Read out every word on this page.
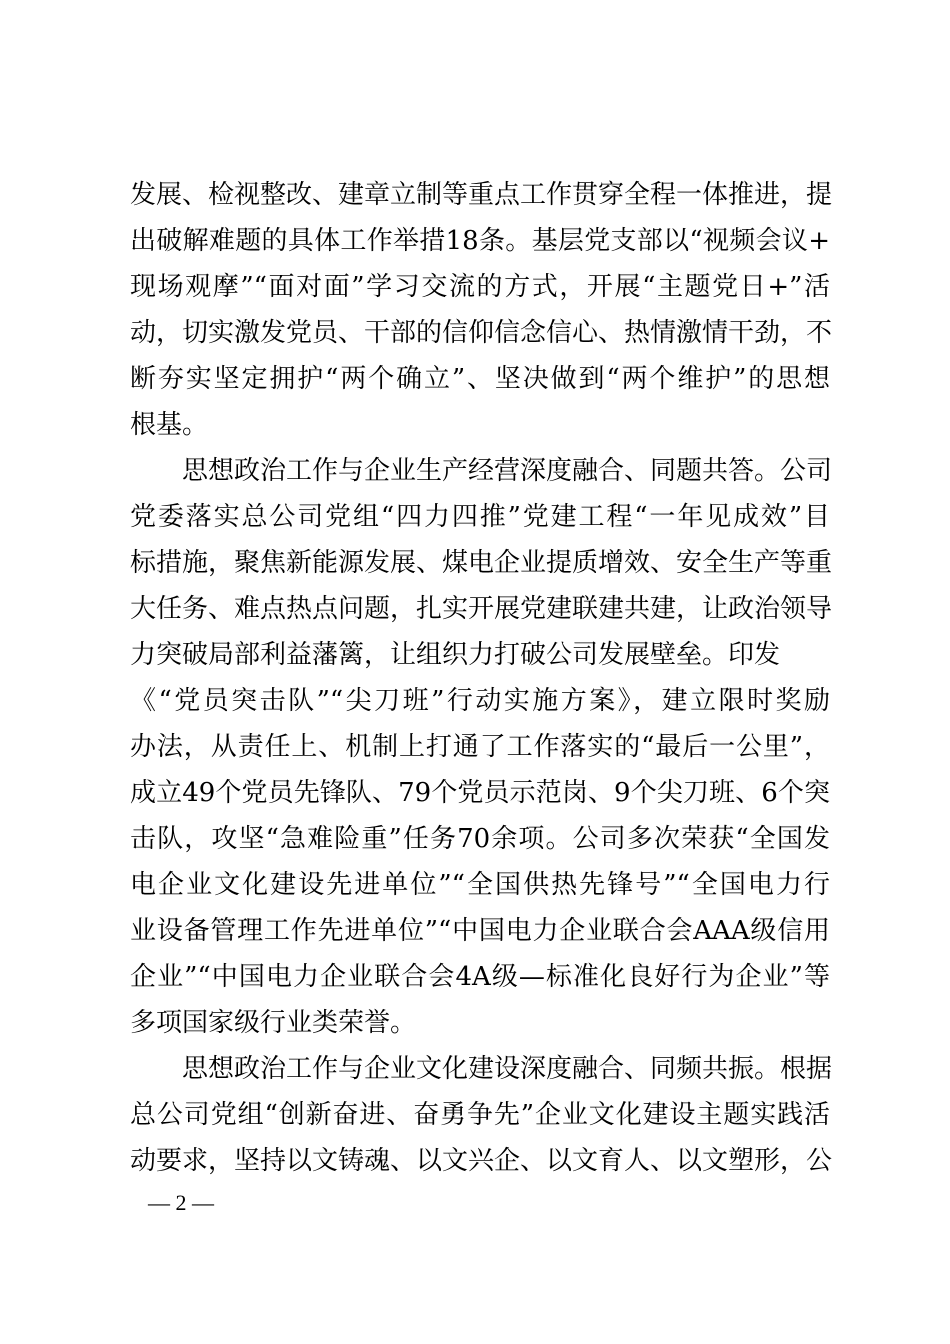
发展、检视整改、建章立制等重点工作贯穿全程一体推进，提
出破解难题的具体工作举措18条。基层党支部以“视频会议+
现场观摩”“面对面”学习交流的方式，开展“主题党日+”活
动，切实激发党员、干部的信仰信念信心、热情激情干劲，不
断夯实坚定拥护“两个确立”、坚决做到“两个维护”的思想
根基。
思想政治工作与企业生产经营深度融合、同题共答。公司
党委落实总公司党组“四力四推”党建工程“一年见成效”目
标措施，聚焦新能源发展、煤电企业提质增效、安全生产等重
大任务、难点热点问题，扎实开展党建联建共建，让政治领导
力突破局部利益藩篱，让组织力打破公司发展壁垒。印发
《“党员突击队”“尖刀班”行动实施方案》，建立限时奖励
办法，从责任上、机制上打通了工作落实的“最后一公里”，
成立49个党员先锋队、79个党员示范岗、9个尖刀班、6个突
击队，攻坚“急难险重”任务70余项。公司多次荣获“全国发
电企业文化建设先进单位”“全国供热先锋号”“全国电力行
业设备管理工作先进单位”“中国电力企业联合会AAA级信用
企业”“中国电力企业联合会4A级—标准化良好行为企业”等
多项国家级行业类荣誉。
思想政治工作与企业文化建设深度融合、同频共振。根据
总公司党组“创新奋进、奋勇争先”企业文化建设主题实践活
动要求，坚持以文铸魂、以文兴企、以文育人、以文塑形，公
— 2 —
